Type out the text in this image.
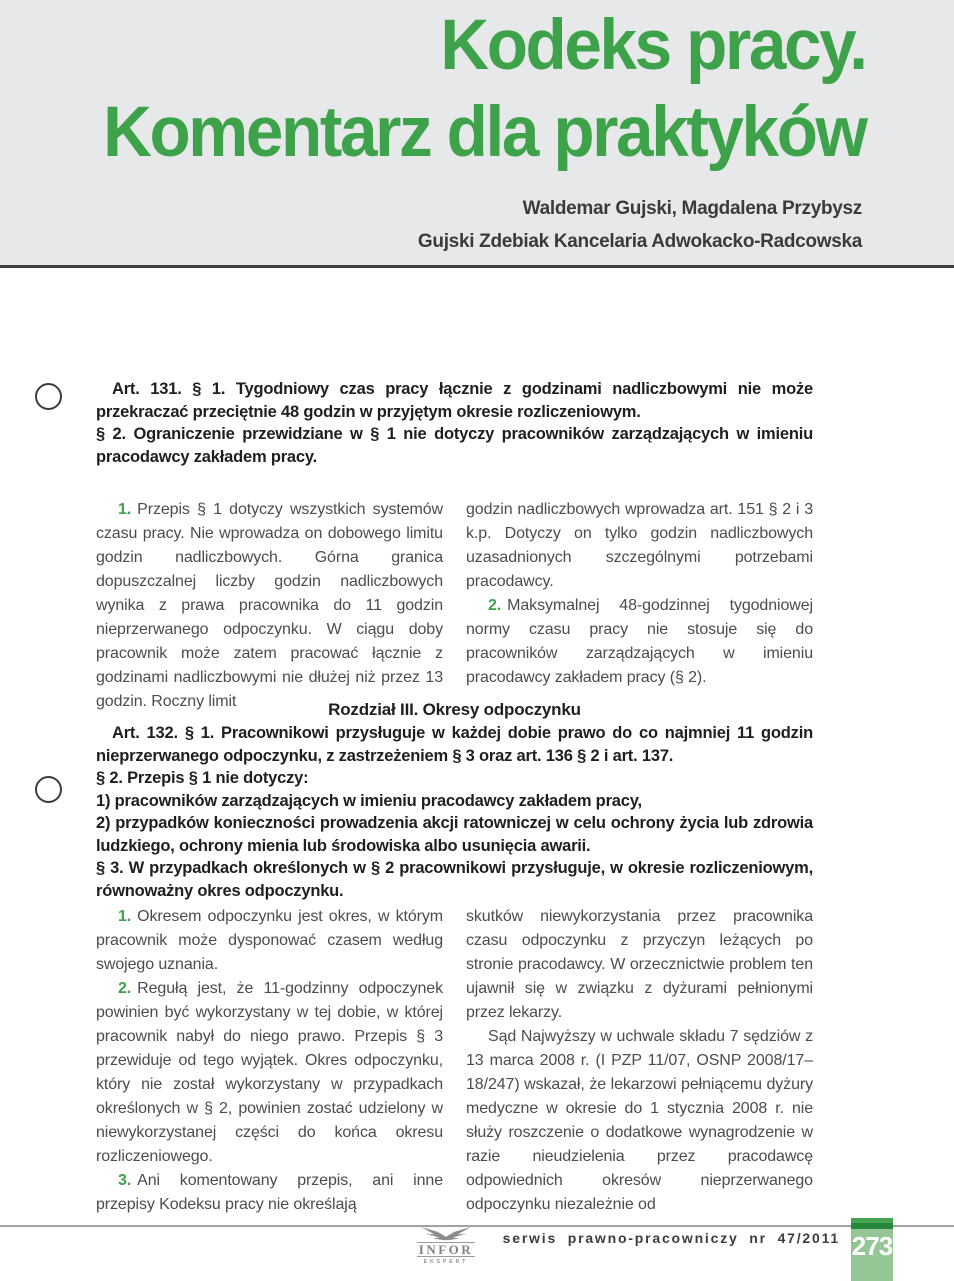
Kodeks pracy.
Komentarz dla praktyków
Waldemar Gujski, Magdalena Przybysz
Gujski Zdebiak Kancelaria Adwokacko-Radcowska

Art. 131. § 1. Tygodniowy czas pracy łącznie z godzinami nadliczbowymi nie może przekraczać przeciętnie 48 godzin w przyjętym okresie rozliczeniowym.

§ 2. Ograniczenie przewidziane w § 1 nie dotyczy pracowników zarządzających w imieniu pracodawcy zakładem pracy.

1. Przepis § 1 dotyczy wszystkich systemów czasu pracy. Nie wprowadza on dobowego limitu godzin nadliczbowych. Górna granica dopuszczalnej liczby godzin nadliczbowych wynika z prawa pracownika do 11 godzin nieprzerwanego odpoczynku. W ciągu doby pracownik może zatem pracować łącznie z godzinami nadliczbowymi nie dłużej niż przez 13 godzin. Roczny limit

godzin nadliczbowych wprowadza art. 151 § 2 i 3 k.p. Dotyczy on tylko godzin nadliczbowych uzasadnionych szczególnymi potrzebami pracodawcy.

2. Maksymalnej 48-godzinnej tygodniowej normy czasu pracy nie stosuje się do pracowników zarządzających w imieniu pracodawcy zakładem pracy (§ 2).

Rozdział III. Okresy odpoczynku

Art. 132. § 1. Pracownikowi przysługuje w każdej dobie prawo do co najmniej 11 godzin nieprzerwanego odpoczynku, z zastrzeżeniem § 3 oraz art. 136 § 2 i art. 137.

§ 2. Przepis § 1 nie dotyczy:

1) pracowników zarządzających w imieniu pracodawcy zakładem pracy,

2) przypadków konieczności prowadzenia akcji ratowniczej w celu ochrony życia lub zdrowia ludzkiego, ochrony mienia lub środowiska albo usunięcia awarii.

§ 3. W przypadkach określonych w § 2 pracownikowi przysługuje, w okresie rozliczeniowym, równoważny okres odpoczynku.

1. Okresem odpoczynku jest okres, w którym pracownik może dysponować czasem według swojego uznania.

2. Regułą jest, że 11-godzinny odpoczynek powinien być wykorzystany w tej dobie, w której pracownik nabył do niego prawo. Przepis § 3 przewiduje od tego wyjątek. Okres odpoczynku, który nie został wykorzystany w przypadkach określonych w § 2, powinien zostać udzielony w niewykorzystanej części do końca okresu rozliczeniowego.

3. Ani komentowany przepis, ani inne przepisy Kodeksu pracy nie określają

skutków niewykorzystania przez pracownika czasu odpoczynku z przyczyn leżących po stronie pracodawcy. W orzecznictwie problem ten ujawnił się w związku z dyżurami pełnionymi przez lekarzy.

Sąd Najwyższy w uchwale składu 7 sędziów z 13 marca 2008 r. (I PZP 11/07, OSNP 2008/17–18/247) wskazał, że lekarzowi pełniącemu dyżury medyczne w okresie do 1 stycznia 2008 r. nie służy roszczenie o dodatkowe wynagrodzenie w razie nieudzielenia przez pracodawcę odpowiednich okresów nieprzerwanego odpoczynku niezależnie od

INFOR
EKSPERT
serwis prawno-pracowniczy nr 47/2011 273
